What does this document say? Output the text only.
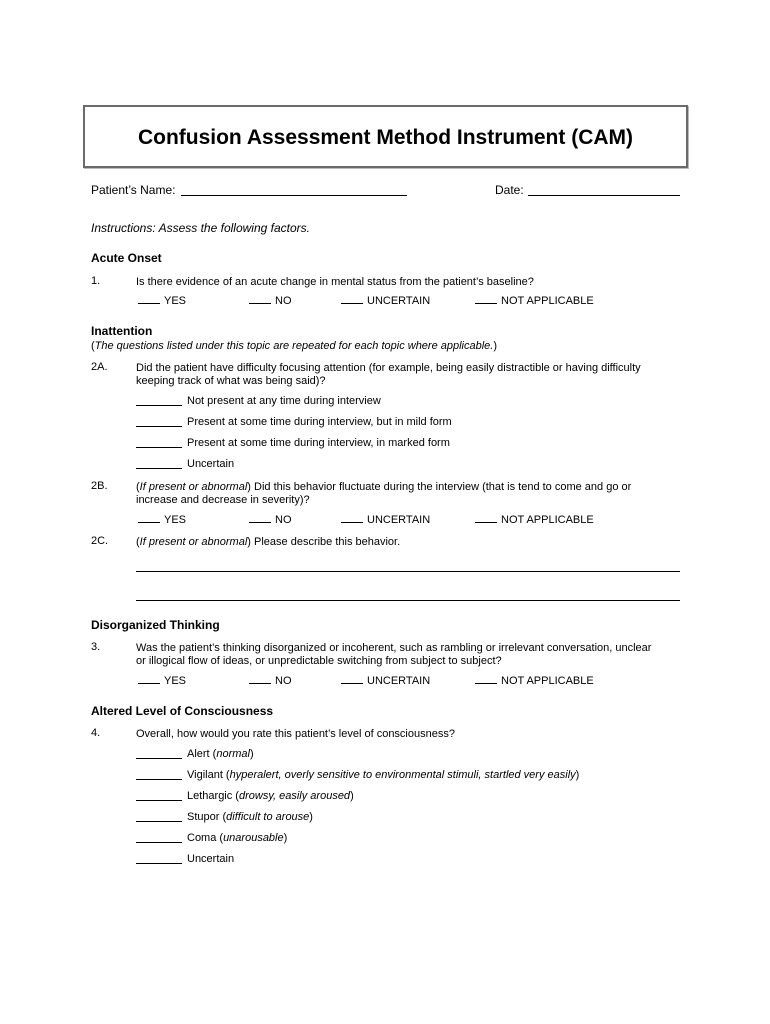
Confusion Assessment Method Instrument (CAM)
Patient’s Name:	Date:
Instructions: Assess the following factors.
Acute Onset
1.	Is there evidence of an acute change in mental status from the patient’s baseline?
YES	NO	UNCERTAIN	NOT APPLICABLE
Inattention
(The questions listed under this topic are repeated for each topic where applicable.)
2A.	Did the patient have difficulty focusing attention (for example, being easily distractible or having difficulty
keeping track of what was being said)?
Not present at any time during interview
Present at some time during interview, but in mild form
Present at some time during interview, in marked form
Uncertain
2B.	(If present or abnormal) Did this behavior fluctuate during the interview (that is tend to come and go or
increase and decrease in severity)?
YES	NO	UNCERTAIN	NOT APPLICABLE
2C.	(If present or abnormal) Please describe this behavior.
Disorganized Thinking
3.	Was the patient’s thinking disorganized or incoherent, such as rambling or irrelevant conversation, unclear
or illogical flow of ideas, or unpredictable switching from subject to subject?
YES	NO	UNCERTAIN	NOT APPLICABLE
Altered Level of Consciousness
4.	Overall, how would you rate this patient’s level of consciousness?
Alert (normal)
Vigilant (hyperalert, overly sensitive to environmental stimuli, startled very easily)
Lethargic (drowsy, easily aroused)
Stupor (difficult to arouse)
Coma (unarousable)
Uncertain
